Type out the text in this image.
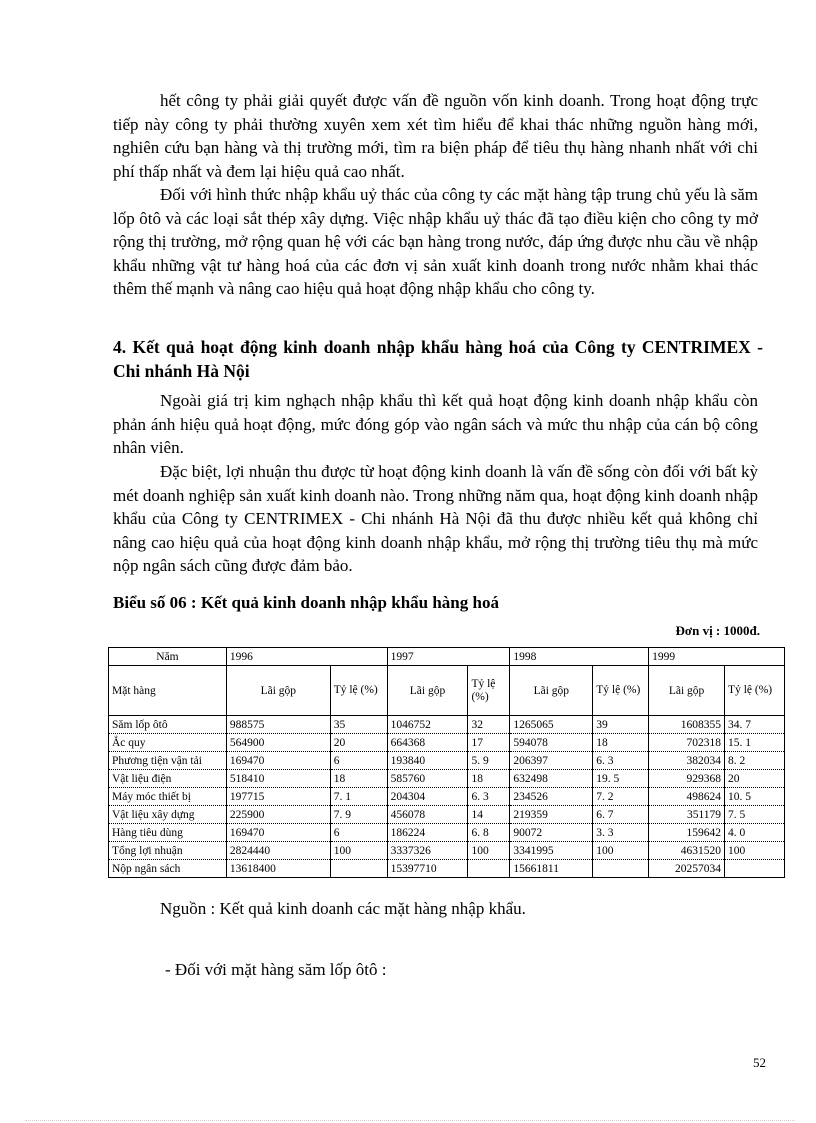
hết công ty phải giải quyết được vấn đề nguồn vốn kinh doanh. Trong hoạt động trực tiếp này công ty phải thường xuyên xem xét tìm hiểu để khai thác những nguồn hàng mới, nghiên cứu bạn hàng và thị trường mới, tìm ra biện pháp để tiêu thụ hàng nhanh nhất với chi phí thấp nhất và đem lại hiệu quả cao nhất.

Đối với hình thức nhập khẩu uỷ thác của công ty các mặt hàng tập trung chủ yếu là săm lốp ôtô và các loại sắt thép xây dựng. Việc nhập khẩu uỷ thác đã tạo điều kiện cho công ty mở rộng thị trường, mở rộng quan hệ với các bạn hàng trong nước, đáp ứng được nhu cầu về nhập khẩu những vật tư hàng hoá của các đơn vị sản xuất kinh doanh trong nước nhằm khai thác thêm thế mạnh và nâng cao hiệu quả hoạt động nhập khẩu cho công ty.

4. Kết quả hoạt động kinh doanh nhập khẩu hàng hoá của Công ty CENTRIMEX - Chi nhánh Hà Nội

Ngoài giá trị kim nghạch nhập khẩu thì kết quả hoạt động kinh doanh nhập khẩu còn phản ánh hiệu quả hoạt động, mức đóng góp vào ngân sách và mức thu nhập của cán bộ công nhân viên.

Đặc biệt, lợi nhuận thu được từ hoạt động kinh doanh là vấn đề sống còn đối với bất kỳ mét doanh nghiệp sản xuất kinh doanh nào. Trong những năm qua, hoạt động kinh doanh nhập khẩu của Công ty CENTRIMEX - Chi nhánh Hà Nội đã thu được nhiều kết quả không chỉ nâng cao hiệu quả của hoạt động kinh doanh nhập khẩu, mở rộng thị trường tiêu thụ mà mức nộp ngân sách cũng được đảm bảo.

Biểu số 06 : Kết quả kinh doanh nhập khẩu hàng hoá

Đơn vị : 1000đ.
Năm	1996		1997		1998		1999	
Mặt hàng	Lãi gộp	Tỷ lệ (%)	Lãi gộp	Tỷ lệ (%)	Lãi gộp	Tỷ lệ (%)	Lãi gộp	Tỷ lệ (%)
Săm lốp ôtô	988575	35	1046752	32	1265065	39	1608355	34. 7
Ắc quy	564900	20	664368	17	594078	18	702318	15. 1
Phương tiện vận tải	169470	6	193840	5. 9	206397	6. 3	382034	8. 2
Vật liệu điện	518410	18	585760	18	632498	19. 5	929368	20
Máy móc thiết bị	197715	7. 1	204304	6. 3	234526	7. 2	498624	10. 5
Vật liệu xây dựng	225900	7. 9	456078	14	219359	6. 7	351179	7. 5
Hàng tiêu dùng	169470	6	186224	6. 8	90072	3. 3	159642	4. 0
Tổng lợi nhuận	2824440	100	3337326	100	3341995	100	4631520	100
Nộp ngân sách	13618400		15397710		15661811		20257034	

Nguồn : Kết quả kinh doanh các mặt hàng nhập khẩu.

- Đối với mặt hàng săm lốp ôtô :

52
